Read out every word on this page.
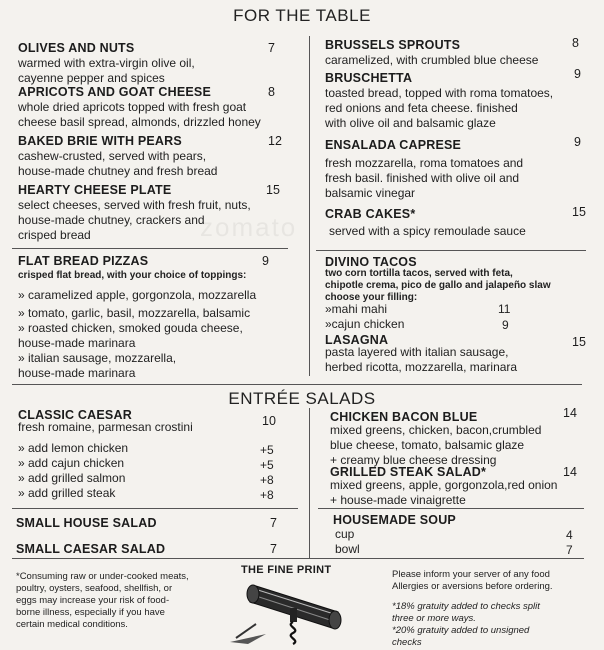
FOR THE TABLE
zomato
OLIVES AND NUTS	7
warmed with extra-virgin olive oil,
cayenne pepper and spices
APRICOTS AND GOAT CHEESE	8
whole dried apricots topped with fresh goat
cheese basil spread, almonds, drizzled honey
BAKED BRIE WITH PEARS	12
cashew-crusted, served with pears,
house-made chutney and fresh bread
HEARTY CHEESE PLATE	15
select cheeses, served with fresh fruit, nuts,
house-made chutney, crackers and
crisped bread
BRUSSELS SPROUTS	8
caramelized, with crumbled blue cheese
BRUSCHETTA	9
toasted bread, topped with roma tomatoes,
red onions and feta cheese. finished
with olive oil and balsamic glaze
ENSALADA CAPRESE	9
fresh mozzarella, roma tomatoes and
fresh basil. finished with olive oil and
balsamic vinegar
CRAB CAKES*	15
served with a spicy remoulade sauce
FLAT BREAD PIZZAS	9
crisped flat bread, with your choice of toppings:
» caramelized apple, gorgonzola, mozzarella
» tomato, garlic, basil, mozzarella, balsamic
» roasted chicken, smoked gouda cheese,
house-made marinara
» italian sausage, mozzarella,
house-made marinara
DIVINO TACOS
two corn tortilla tacos, served with feta,
chipotle crema, pico de gallo and jalapeño slaw
choose your filling:
»mahi mahi	11
»cajun chicken	9
LASAGNA	15
pasta layered with italian sausage,
herbed ricotta, mozzarella, marinara
ENTRÉE SALADS
CLASSIC CAESAR	10
fresh romaine, parmesan crostini
» add lemon chicken	+5
» add cajun chicken	+5
» add grilled salmon	+8
» add grilled steak	+8
CHICKEN BACON BLUE	14
mixed greens, chicken, bacon,crumbled
blue cheese, tomato, balsamic glaze
+ creamy blue cheese dressing
GRILLED STEAK SALAD*	14
mixed greens, apple, gorgonzola,red onion
+ house-made vinaigrette
SMALL HOUSE SALAD	7
SMALL CAESAR SALAD	7
HOUSEMADE SOUP
cup	4
bowl	7
*Consuming raw or under-cooked meats,
poultry, oysters, seafood, shellfish, or
eggs may increase your risk of food-
borne illness, especially if you have
certain medical conditions.
THE FINE PRINT	Please inform your server of any food
Allergies or aversions before ordering.
*18% gratuity added to checks split
three or more ways.
*20% gratuity added to unsigned
checks
